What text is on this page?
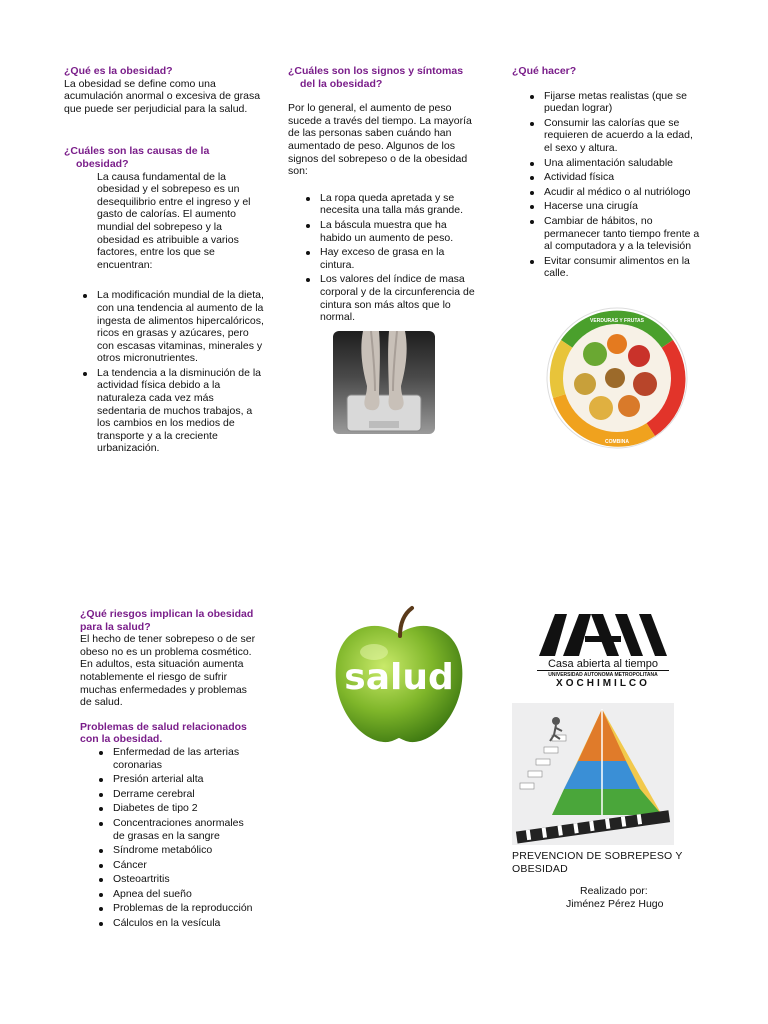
¿Qué es la obesidad?

La obesidad se define como una acumulación anormal o excesiva de grasa que puede ser perjudicial para la salud.

¿Cuáles son las causas de la obesidad?

La causa fundamental de la obesidad y el sobrepeso es un desequilibrio entre el ingreso y el gasto de calorías. El aumento mundial del sobrepeso y la obesidad es atribuible a varios factores, entre los que se encuentran:

La modificación mundial de la dieta, con una tendencia al aumento de la ingesta de alimentos hipercalóricos, ricos en grasas y azúcares, pero con escasas vitaminas, minerales y otros micronutrientes.
La tendencia a la disminución de la actividad física debido a la naturaleza cada vez más sedentaria de muchos trabajos, a los cambios en los medios de transporte y a la creciente urbanización.
¿Cuáles son los signos y síntomas del la obesidad?

Por lo general, el aumento de peso sucede a través del tiempo. La mayoría de las personas saben cuándo han aumentado de peso. Algunos de los signos del sobrepeso o de la obesidad son:

La ropa queda apretada y se necesita una talla más grande.
La báscula muestra que ha habido un aumento de peso.
Hay exceso de grasa en la cintura.
Los valores del índice de masa corporal y de la circunferencia de cintura son más altos que lo normal.
¿Qué hacer?
Fijarse metas realistas (que se puedan lograr)
Consumir las calorías que se requieren de acuerdo a la edad, el sexo y altura.
Una alimentación saludable
Actividad física
Acudir al médico o al nutriólogo
Hacerse una cirugía
Cambiar de hábitos, no permanecer tanto tiempo frente a al computadora y a la televisión
Evitar consumir alimentos en la calle.
VERDURAS Y FRUTAS
COMBINA
¿Qué riesgos implican la obesidad para la salud?

El hecho de tener sobrepeso o de ser obeso no es un problema cosmético. En adultos, esta situación aumenta notablemente el riesgo de sufrir muchas enfermedades y problemas de salud.

Problemas de salud relacionados con la obesidad.
Enfermedad de las arterias coronarias
Presión arterial alta
Derrame cerebral
Diabetes de tipo 2
Concentraciones anormales de grasas en la sangre
Síndrome metabólico
Cáncer
Osteoartritis
Apnea del sueño
Problemas de la reproducción
Cálculos en la vesícula
salud	Casa abierta al tiempo
UNIVERSIDAD AUTONOMA METROPOLITANA
XOCHIMILCO

PREVENCION DE SOBREPESO Y OBESIDAD

Realizado por:

Jiménez Pérez Hugo
